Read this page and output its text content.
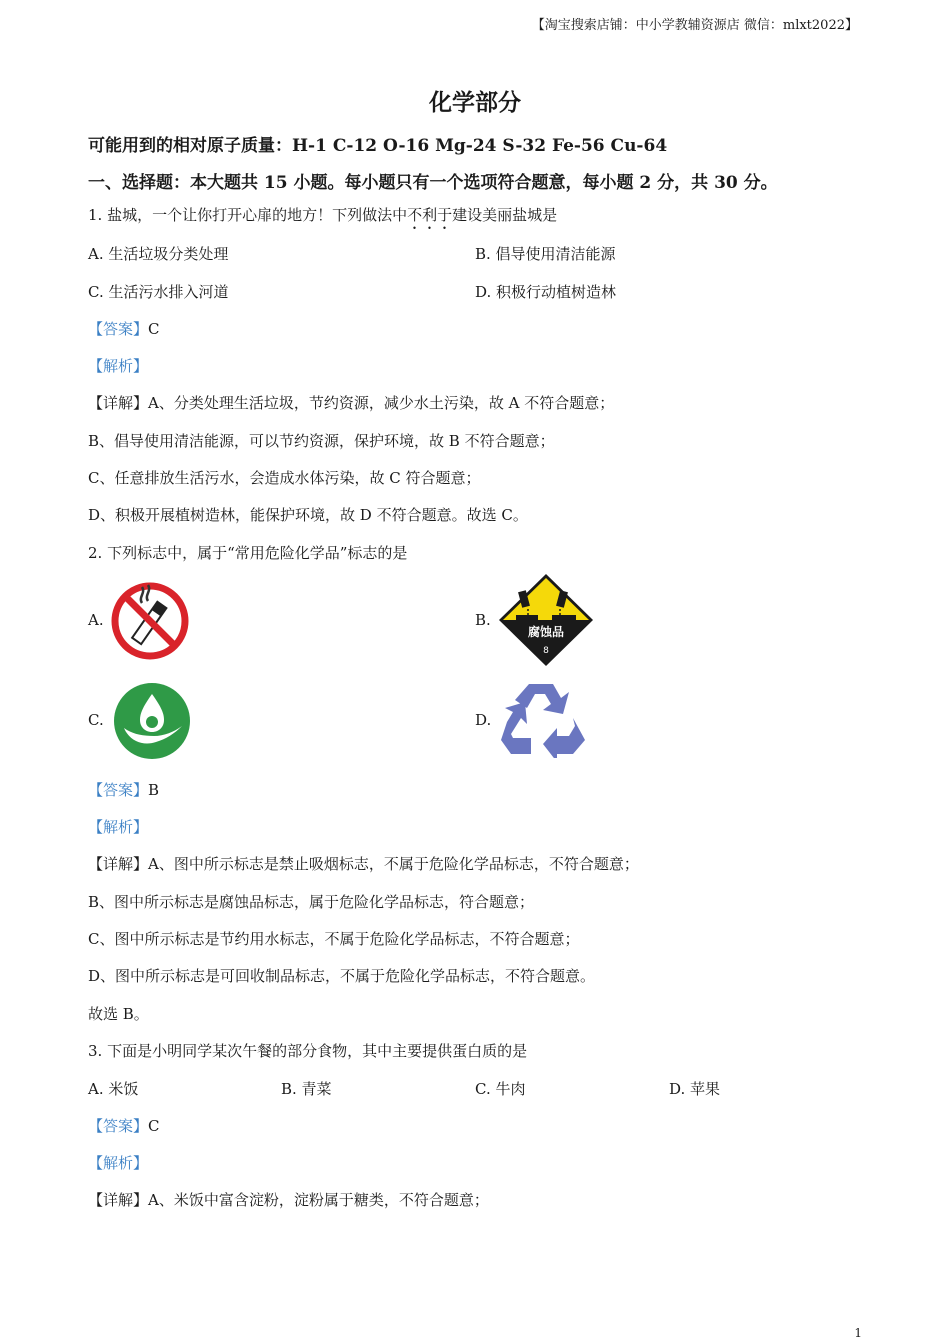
【淘宝搜索店铺：中小学教辅资源店 微信：mlxt2022】
化学部分
可能用到的相对原子质量：H-1 C-12 O-16 Mg-24 S-32 Fe-56 Cu-64
一、选择题：本大题共 15 小题。每小题只有一个选项符合题意，每小题 2 分，共 30 分。
1. 盐城，一个让你打开心扉的地方！下列做法中不利于建设美丽盐城是
A. 生活垃圾分类处理	B. 倡导使用清洁能源
C. 生活污水排入河道	D. 积极行动植树造林
【答案】C
【解析】
【详解】A、分类处理生活垃圾，节约资源，减少水土污染，故 A 不符合题意；
B、倡导使用清洁能源，可以节约资源，保护环境，故 B 不符合题意；
C、任意排放生活污水，会造成水体污染，故 C 符合题意；
D、积极开展植树造林，能保护环境，故 D 不符合题意。故选 C。
2. 下列标志中，属于“常用危险化学品”标志的是
A.	B.
腐蚀品
8
C.	D.
【答案】B
【解析】
【详解】A、图中所示标志是禁止吸烟标志，不属于危险化学品标志，不符合题意；
B、图中所示标志是腐蚀品标志，属于危险化学品标志，符合题意；
C、图中所示标志是节约用水标志，不属于危险化学品标志，不符合题意；
D、图中所示标志是可回收制品标志，不属于危险化学品标志，不符合题意。
故选 B。
3. 下面是小明同学某次午餐的部分食物，其中主要提供蛋白质的是
A. 米饭	B. 青菜	C. 牛肉	D. 苹果
【答案】C
【解析】
【详解】A、米饭中富含淀粉，淀粉属于糖类，不符合题意；
1
